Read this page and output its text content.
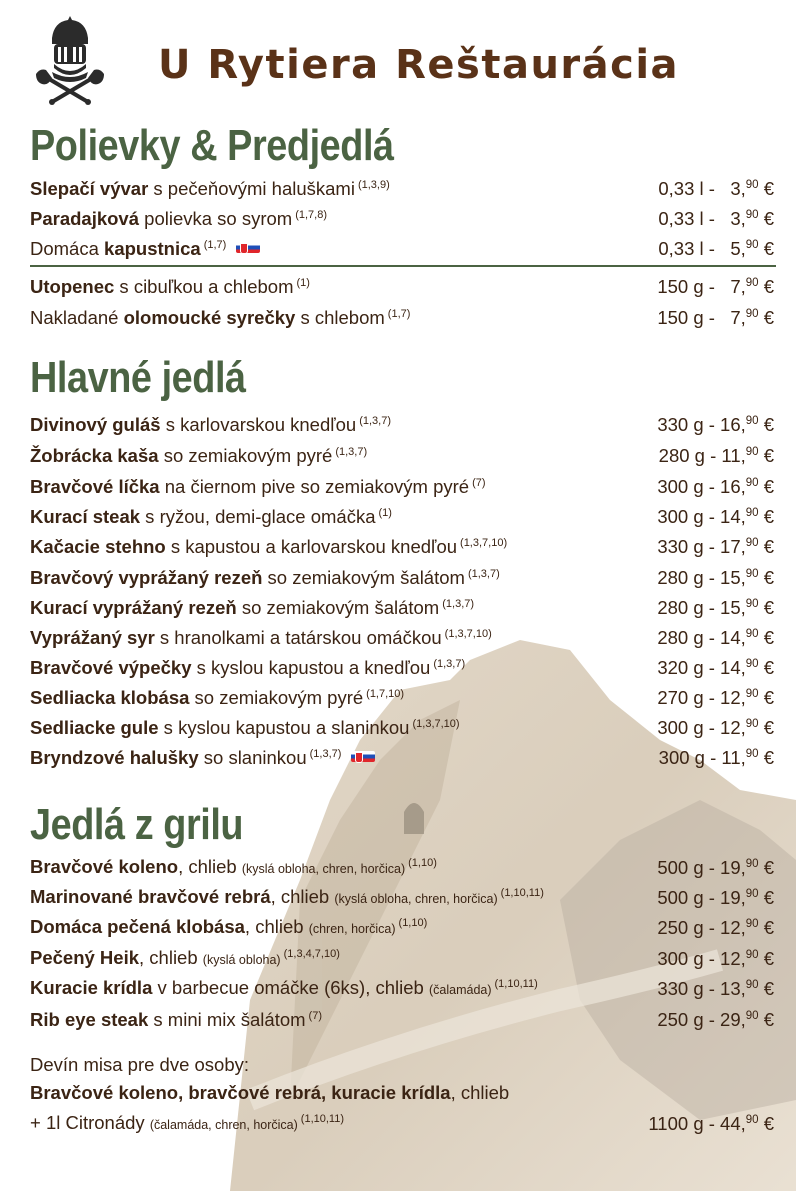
U Rytiera Reštaurácia
Polievky & Predjedlá
Slepačí vývar s pečeňovými haluškami $^{(1,3,9)}$	0,33 l -   3,90 €
Paradajková polievka so syrom $^{(1,7,8)}$	0,33 l -   3,90 €
Domáca kapustnica $^{(1,7)}$	0,33 l -   5,90 €
Utopenec s cibuľkou a chlebom $^{(1)}$	150 g -   7,90 €
Nakladané olomoucké syrečky s chlebom $^{(1,7)}$	150 g -   7,90 €
Hlavné jedlá
Divinový guláš s karlovarskou knedľou $^{(1,3,7)}$	330 g - 16,90 €
Žobrácka kaša so zemiakovým pyré $^{(1,3,7)}$	280 g - 11,90 €
Bravčové líčka na čiernom pive so zemiakovým pyré $^{(7)}$	300 g - 16,90 €
Kurací steak s ryžou, demi-glace omáčka $^{(1)}$	300 g - 14,90 €
Kačacie stehno s kapustou a karlovarskou knedľou $^{(1,3,7,10)}$	330 g - 17,90 €
Bravčový vyprážaný rezeň so zemiakovým šalátom $^{(1,3,7)}$	280 g - 15,90 €
Kurací vyprážaný rezeň so zemiakovým šalátom $^{(1,3,7)}$	280 g - 15,90 €
Vyprážaný syr s hranolkami a tatárskou omáčkou $^{(1,3,7,10)}$	280 g - 14,90 €
Bravčové výpečky s kyslou kapustou a knedľou $^{(1,3,7)}$	320 g - 14,90 €
Sedliacka klobása so zemiakovým pyré $^{(1,7,10)}$	270 g - 12,90 €
Sedliacke gule s kyslou kapustou a slaninkou $^{(1,3,7,10)}$	300 g - 12,90 €
Bryndzové halušky so slaninkou $^{(1,3,7)}$	300 g - 11,90 €
Jedlá z grilu
Bravčové koleno, chlieb (kyslá obloha, chren, horčica) $^{(1,10)}$	500 g - 19,90 €
Marinované bravčové rebrá, chlieb (kyslá obloha, chren, horčica) $^{(1,10,11)}$	500 g - 19,90 €
Domáca pečená klobása, chlieb (chren, horčica) $^{(1,10)}$	250 g - 12,90 €
Pečený Heik, chlieb (kyslá obloha) $^{(1,3,4,7,10)}$	300 g - 12,90 €
Kuracie krídla v barbecue omáčke (6ks), chlieb (čalamáda) $^{(1,10,11)}$	330 g - 13,90 €
Rib eye steak s mini mix šalátom $^{(7)}$	250 g - 29,90 €
Devín misa pre dve osoby:
Bravčové koleno, bravčové rebrá, kuracie krídla, chlieb
+ 1l Citronády (čalamáda, chren, horčica) $^{(1,10,11)}$	1100 g - 44,90 €
